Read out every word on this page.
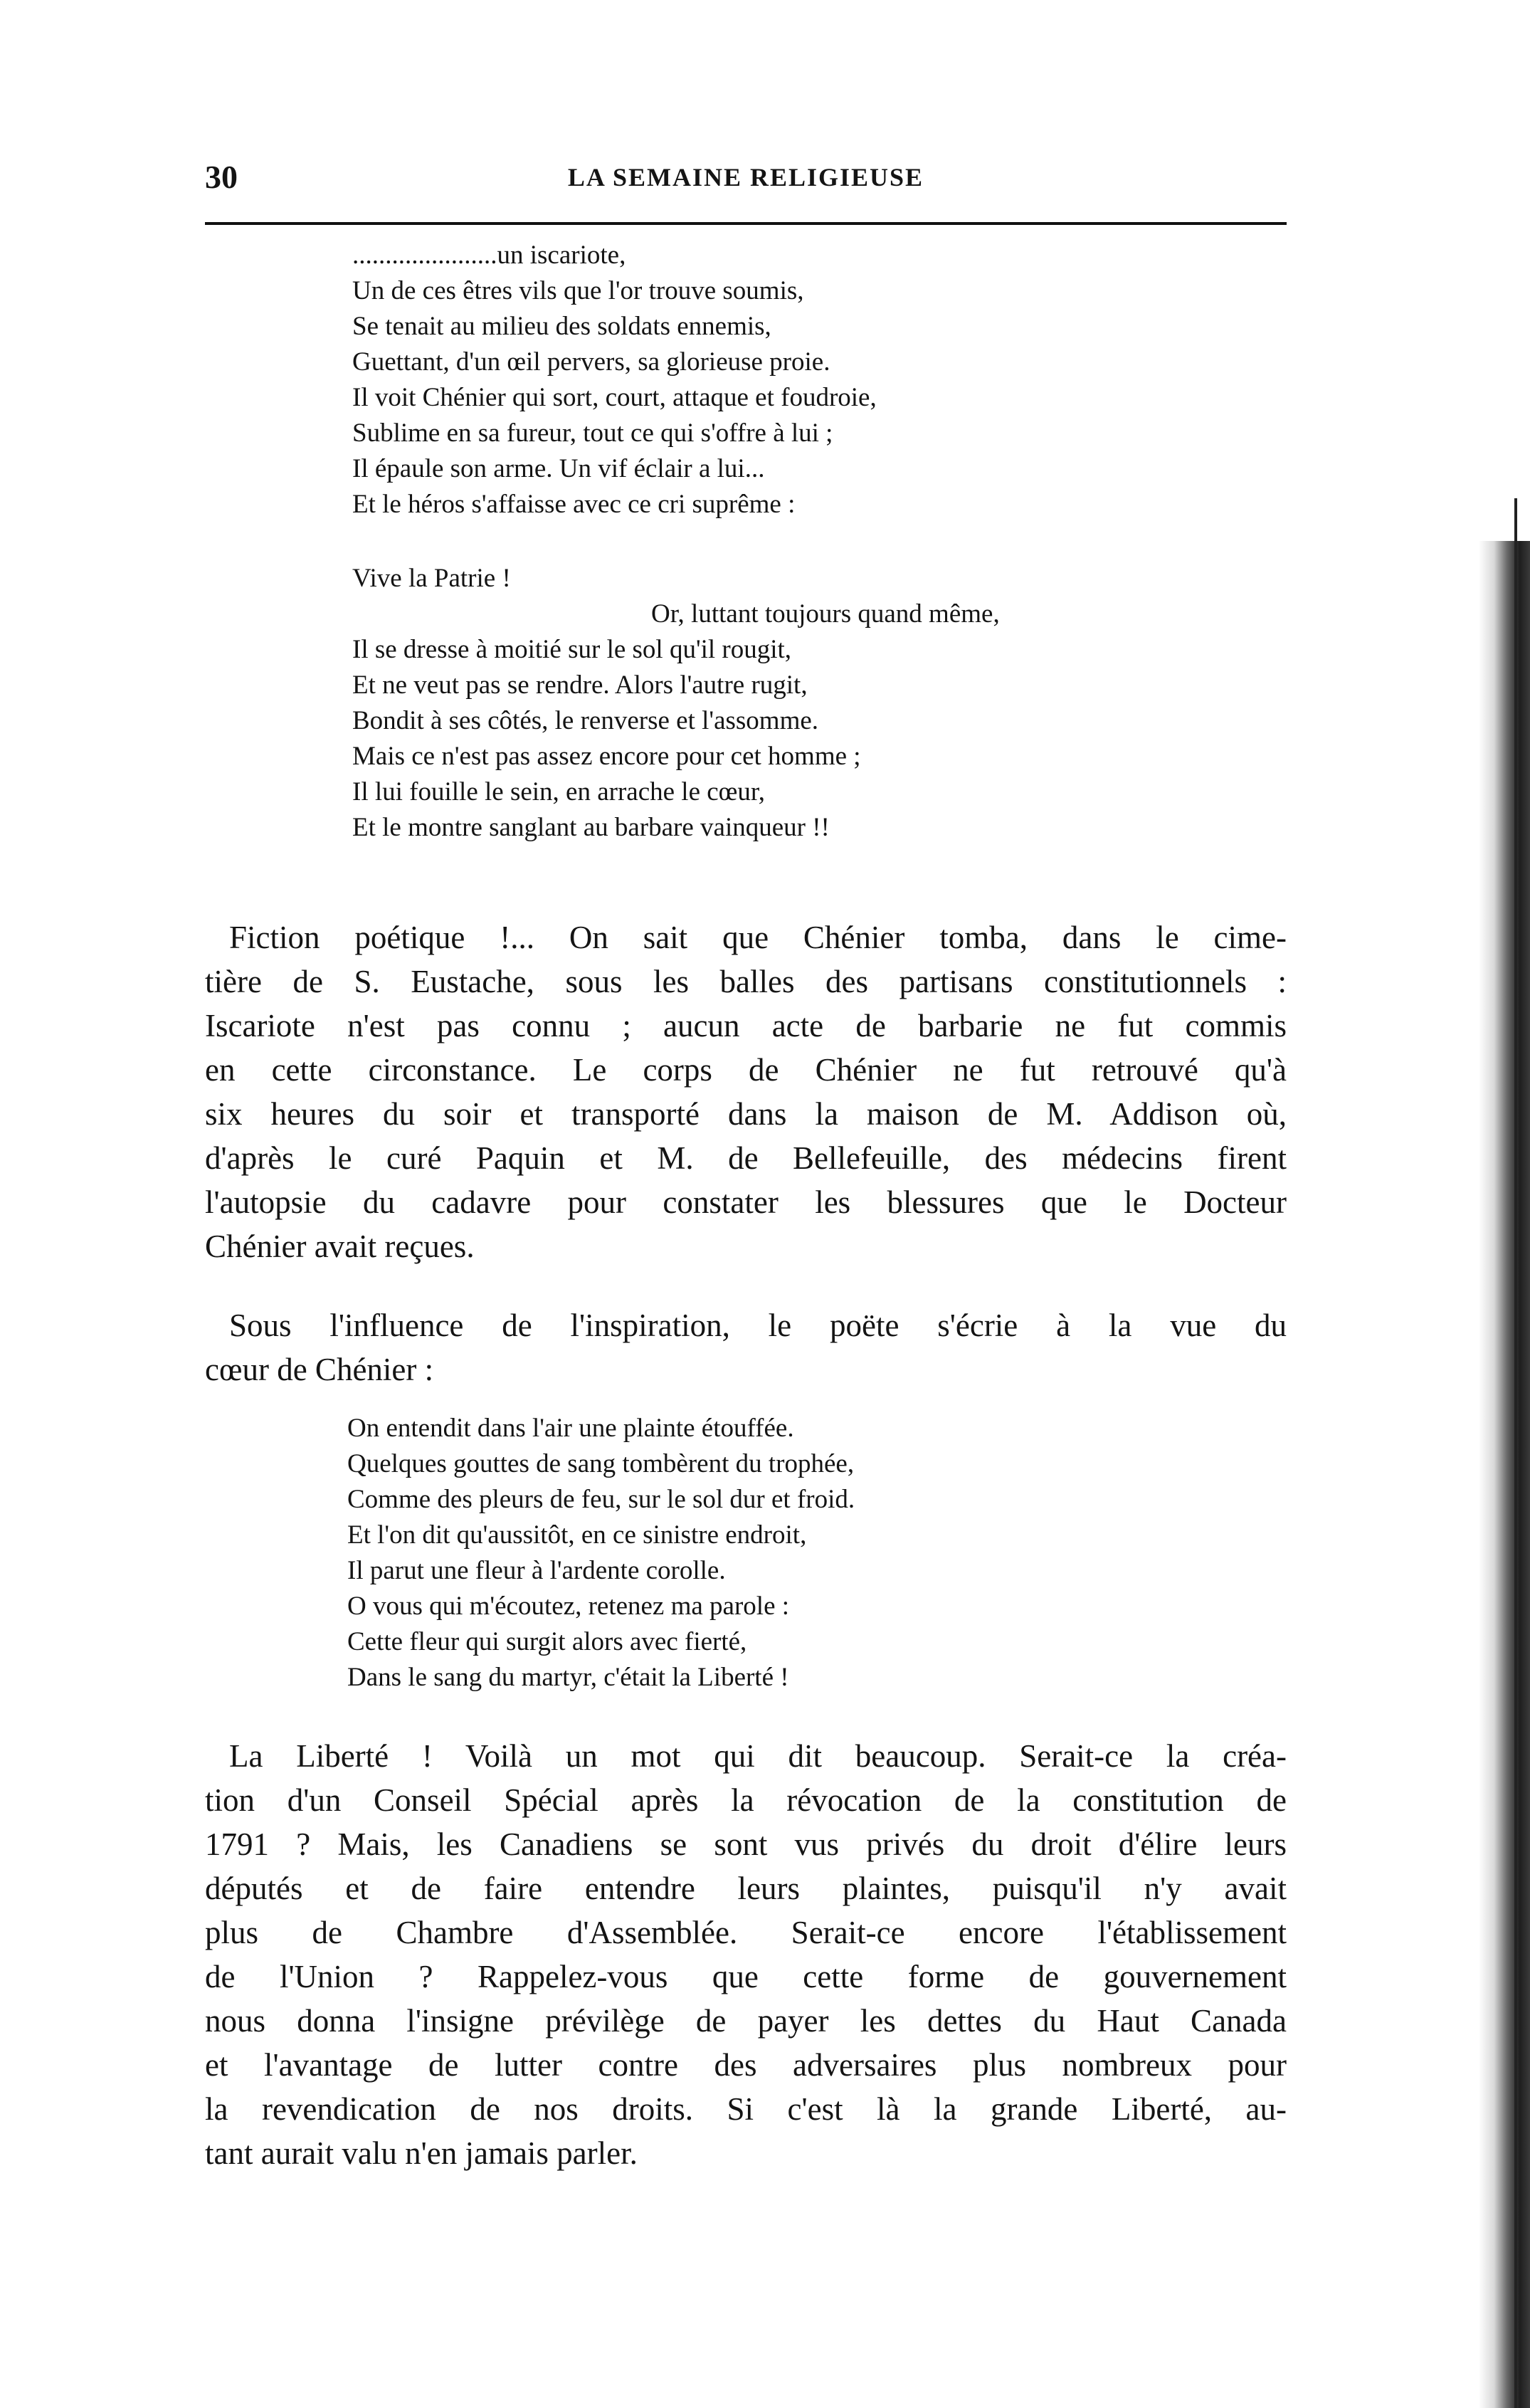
30	LA SEMAINE RELIGIEUSE
......................un iscariote,
Un de ces êtres vils que l'or trouve soumis,
Se tenait au milieu des soldats ennemis,
Guettant, d'un œil pervers, sa glorieuse proie.
Il voit Chénier qui sort, court, attaque et foudroie,
Sublime en sa fureur, tout ce qui s'offre à lui ;
Il épaule son arme. Un vif éclair a lui...
Et le héros s'affaisse avec ce cri suprême :
Vive la Patrie !
Or, luttant toujours quand même,
Il se dresse à moitié sur le sol qu'il rougit,
Et ne veut pas se rendre. Alors l'autre rugit,
Bondit à ses côtés, le renverse et l'assomme.
Mais ce n'est pas assez encore pour cet homme ;
Il lui fouille le sein, en arrache le cœur,
Et le montre sanglant au barbare vainqueur !!
Fiction poétique !... On sait que Chénier tomba, dans le cime-
tière de S. Eustache, sous les balles des partisans constitutionnels :
Iscariote n'est pas connu ; aucun acte de barbarie ne fut commis
en cette circonstance. Le corps de Chénier ne fut retrouvé qu'à
six heures du soir et transporté dans la maison de M. Addison où,
d'après le curé Paquin et M. de Bellefeuille, des médecins firent
l'autopsie du cadavre pour constater les blessures que le Docteur
Chénier avait reçues.
Sous l'influence de l'inspiration, le poëte s'écrie à la vue du
cœur de Chénier :
On entendit dans l'air une plainte étouffée.
Quelques gouttes de sang tombèrent du trophée,
Comme des pleurs de feu, sur le sol dur et froid.
Et l'on dit qu'aussitôt, en ce sinistre endroit,
Il parut une fleur à l'ardente corolle.
O vous qui m'écoutez, retenez ma parole :
Cette fleur qui surgit alors avec fierté,
Dans le sang du martyr, c'était la Liberté !
La Liberté ! Voilà un mot qui dit beaucoup. Serait-ce la créa-
tion d'un Conseil Spécial après la révocation de la constitution de
1791 ? Mais, les Canadiens se sont vus privés du droit d'élire leurs
députés et de faire entendre leurs plaintes, puisqu'il n'y avait
plus de Chambre d'Assemblée. Serait-ce encore l'établissement
de l'Union ? Rappelez-vous que cette forme de gouvernement
nous donna l'insigne prévilège de payer les dettes du Haut Canada
et l'avantage de lutter contre des adversaires plus nombreux pour
la revendication de nos droits. Si c'est là la grande Liberté, au-
tant aurait valu n'en jamais parler.
